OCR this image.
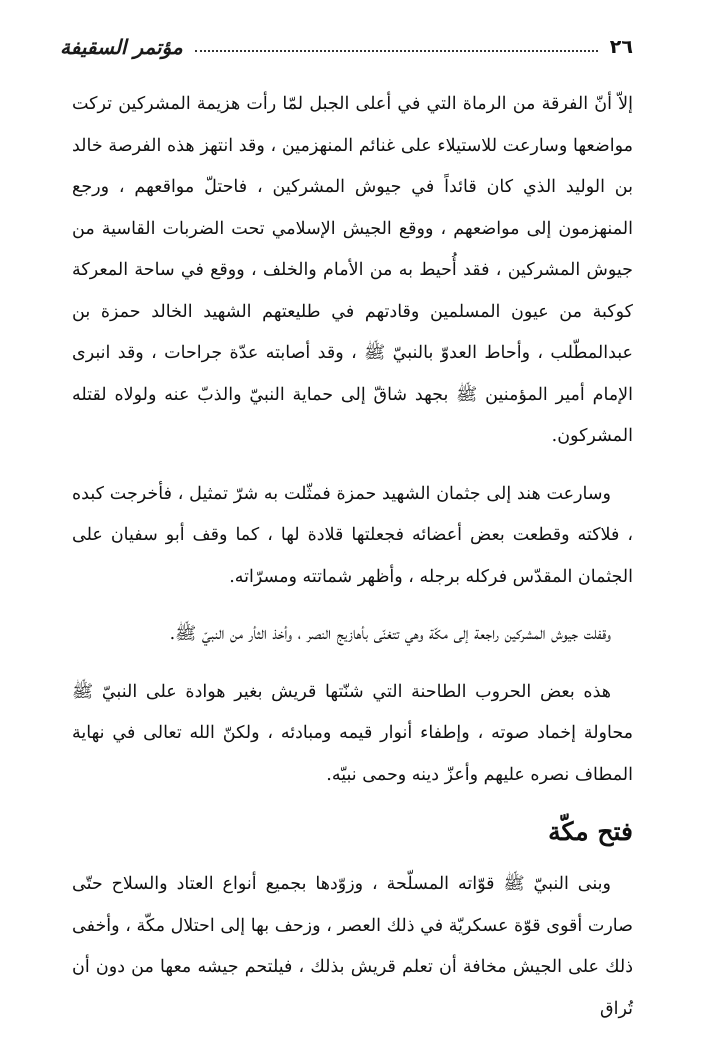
مؤتمر السقيفة	٢٦

إلاّ أنّ الفرقة من الرماة التي في أعلى الجبل لمّا رأت هزيمة المشركين تركت مواضعها وسارعت للاستيلاء على غنائم المنهزمين ، وقد انتهز هذه الفرصة خالد بن الوليد الذي كان قائداً في جيوش المشركين ، فاحتلّ مواقعهم ، ورجع المنهزمون إلى مواضعهم ، ووقع الجيش الإسلامي تحت الضربات القاسية من جيوش المشركين ، فقد أُحيط به من الأمام والخلف ، ووقع في ساحة المعركة كوكبة من عيون المسلمين وقادتهم في طليعتهم الشهيد الخالد حمزة بن عبدالمطّلب ، وأحاط العدوّ بالنبيّ ﷺ ، وقد أصابته عدّة جراحات ، وقد انبرى الإمام أمير المؤمنين ﷺ بجهد شاقّ إلى حماية النبيّ والذبّ عنه ولولاه لقتله المشركون.

وسارعت هند إلى جثمان الشهيد حمزة فمثّلت به شرّ تمثيل ، فأخرجت كبده ، فلاكته وقطعت بعض أعضائه فجعلتها قلادة لها ، كما وقف أبو سفيان على الجثمان المقدّس فركله برجله ، وأظهر شماتته ومسرّاته.

وقفلت جيوش المشركين راجعة إلى مكّة وهي تتغنّى بأهازيج النصر ، وأخذ الثأر من النبيّ ﷺ.

هذه بعض الحروب الطاحنة التي شنّتها قريش بغير هوادة على النبيّ ﷺ محاولة إخماد صوته ، وإطفاء أنوار قيمه ومبادئه ، ولكنّ الله تعالى في نهاية المطاف نصره عليهم وأعزّ دينه وحمى نبيّه.

فتح مكّة

وبنى النبيّ ﷺ قوّاته المسلّحة ، وزوّدها بجميع أنواع العتاد والسلاح حتّى صارت أقوى قوّة عسكريّة في ذلك العصر ، وزحف بها إلى احتلال مكّة ، وأخفى ذلك على الجيش مخافة أن تعلم قريش بذلك ، فيلتحم جيشه معها من دون أن تُراق
